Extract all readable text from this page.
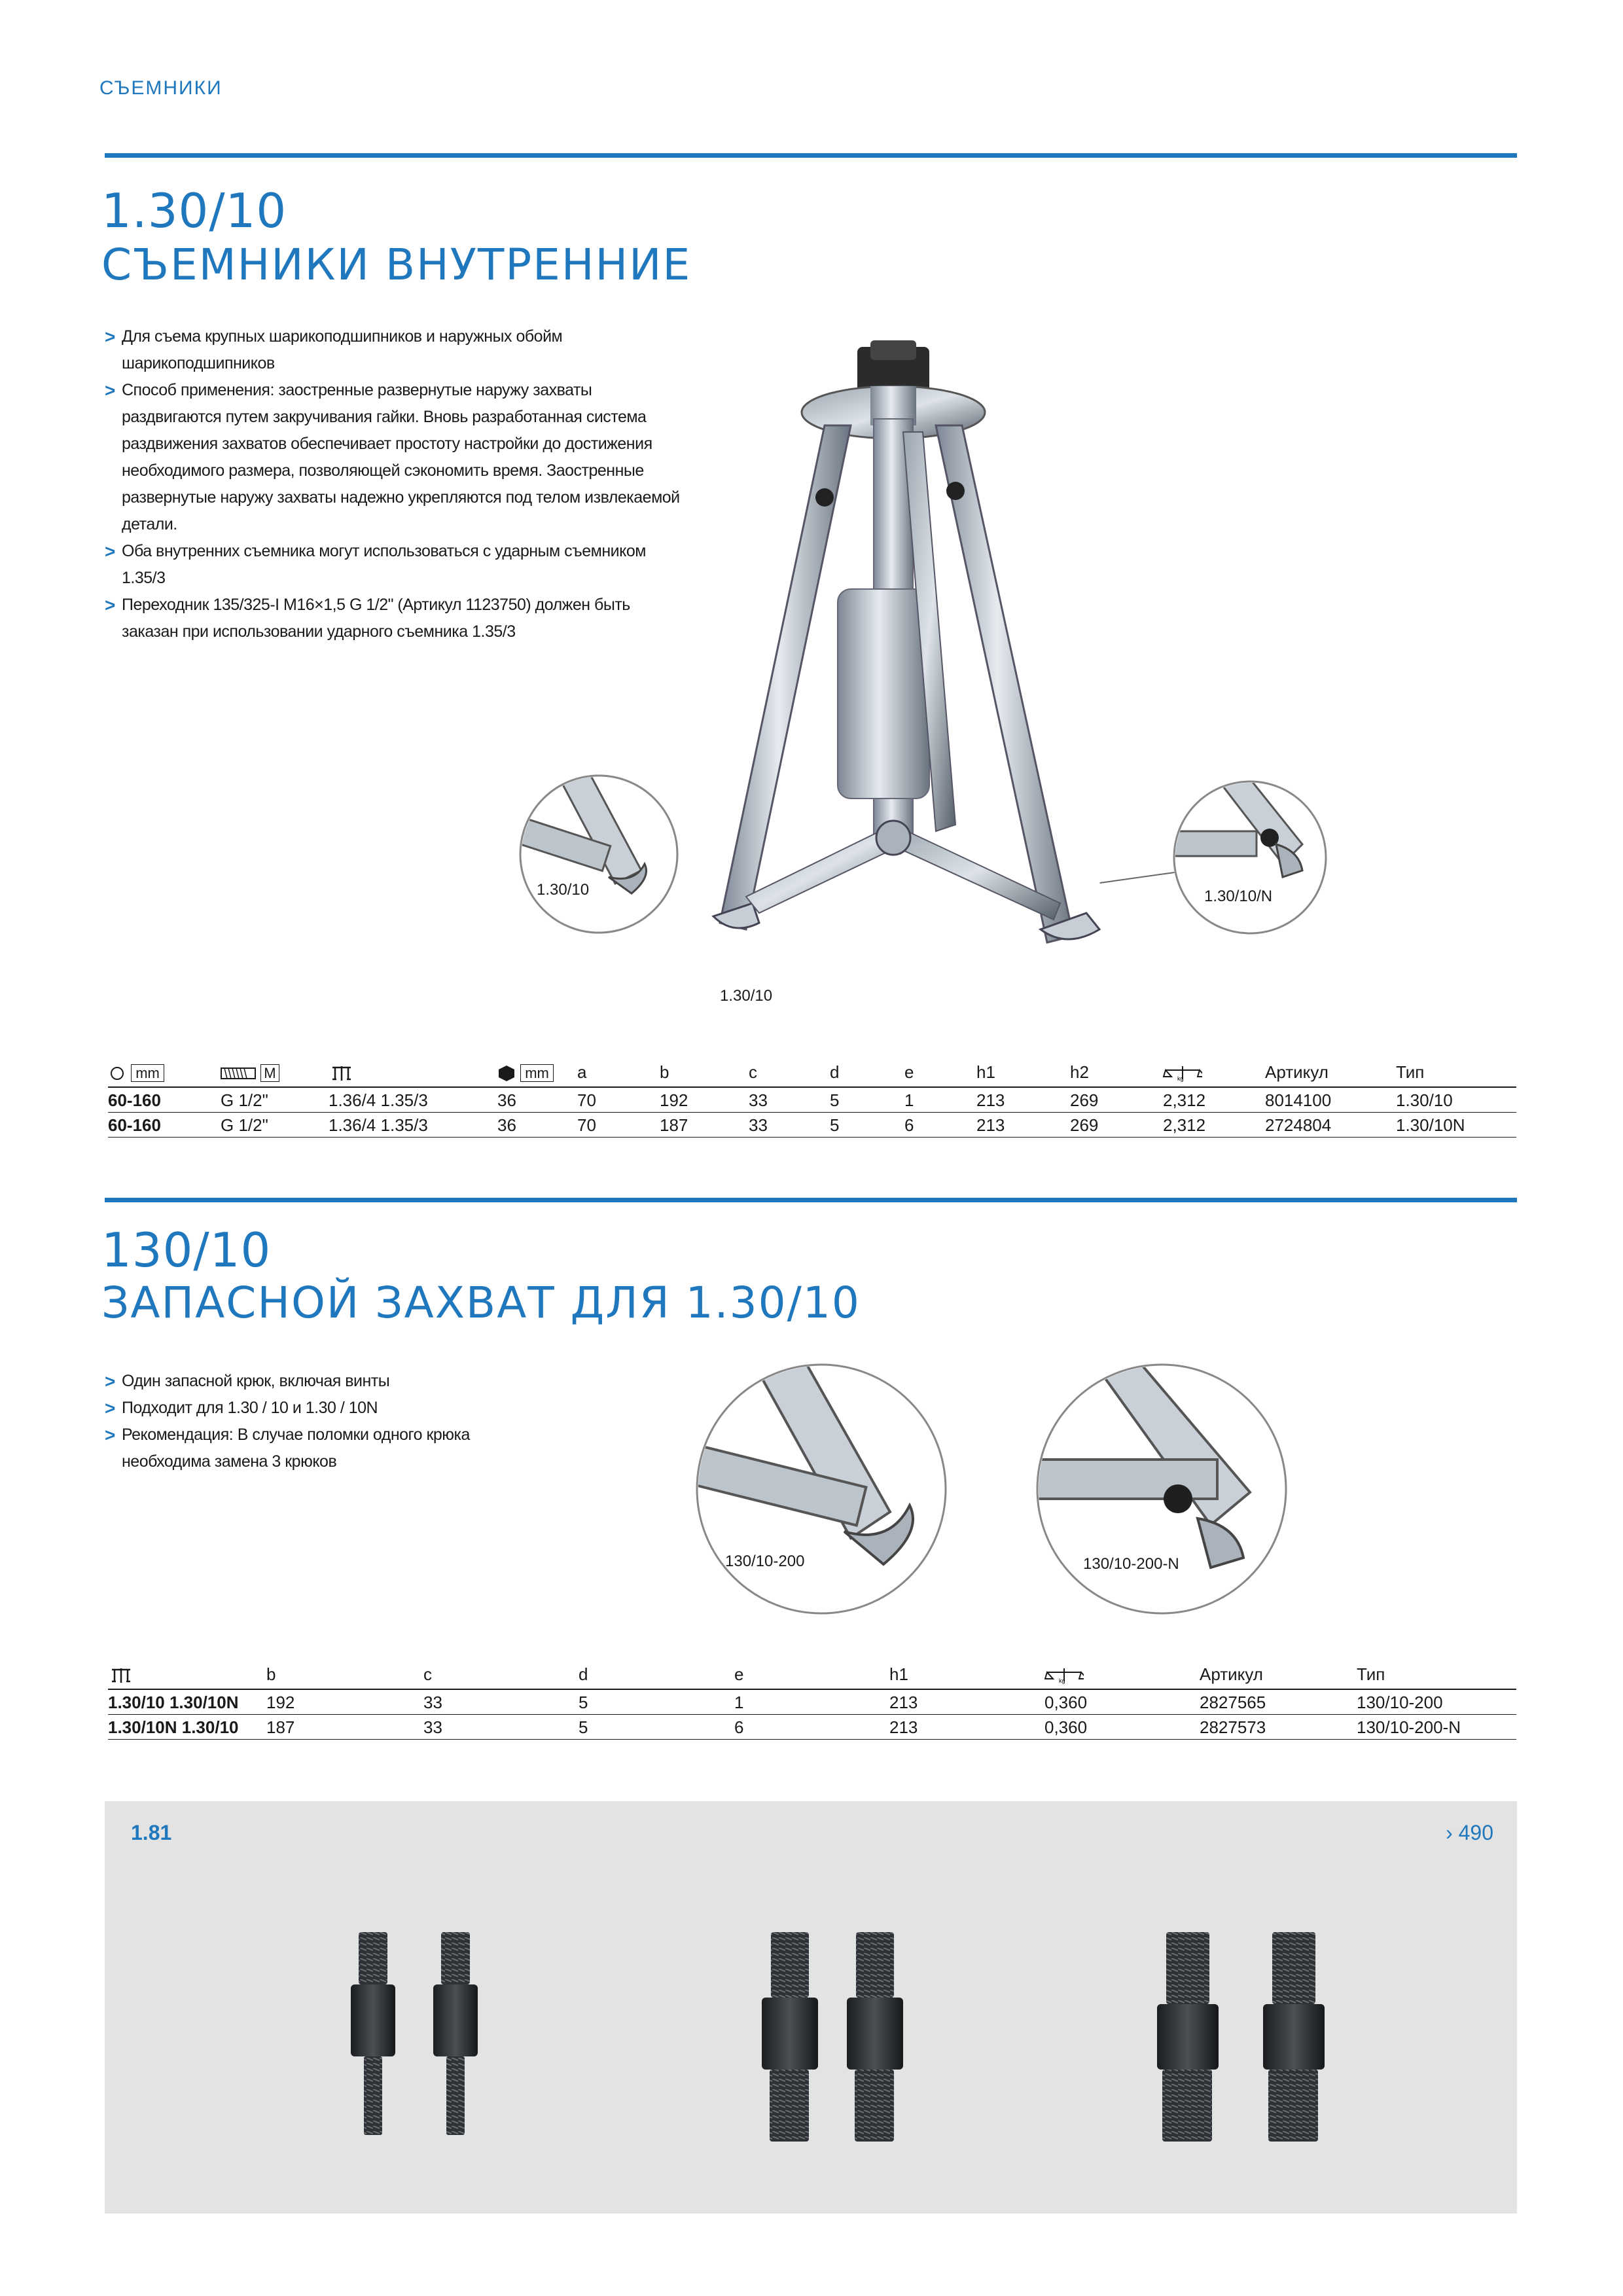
СЪЕМНИКИ
1.30/10
СЪЕМНИКИ ВНУТРЕННИЕ
> Для съема крупных шарикоподшипников и наружных обойм шарикоподшипников
> Способ применения: заостренные развернутые наружу захваты раздвигаются путем закручивания гайки. Вновь разработанная система раздвижения захватов обеспечивает простоту настройки до достижения необходимого размера, позволяющей сэкономить время. Заостренные развернутые наружу захваты надежно укрепляются под телом извлекаемой детали.
> Оба внутренних съемника могут использоваться с ударным съемником 1.35/3
> Переходник 135/325-I M16×1,5 G 1/2" (Артикул 1123750) должен быть заказан при использовании ударного съемника 1.35/3
1.30/10	1.30/10/N
1.30/10
mm	M		mm	a	b	c	d	e	h1	h2	kg	Артикул	Тип
60-160	G 1/2"	1.36/4 1.35/3	36	70	192	33	5	1	213	269	2,312	8014100	1.30/10
60-160	G 1/2"	1.36/4 1.35/3	36	70	187	33	5	6	213	269	2,312	2724804	1.30/10N
130/10
ЗАПАСНОЙ ЗАХВАТ ДЛЯ 1.30/10
> Один запасной крюк, включая винты
> Подходит для 1.30 / 10 и 1.30 / 10N
> Рекомендация: В случае поломки одного крюка необходима замена 3 крюков
130/10-200	130/10-200-N
	b	c	d	e	h1	kg	Артикул	Тип
1.30/10 1.30/10N	192	33	5	1	213	0,360	2827565	130/10-200
1.30/10N 1.30/10	187	33	5	6	213	0,360	2827573	130/10-200-N
1.81	› 490
